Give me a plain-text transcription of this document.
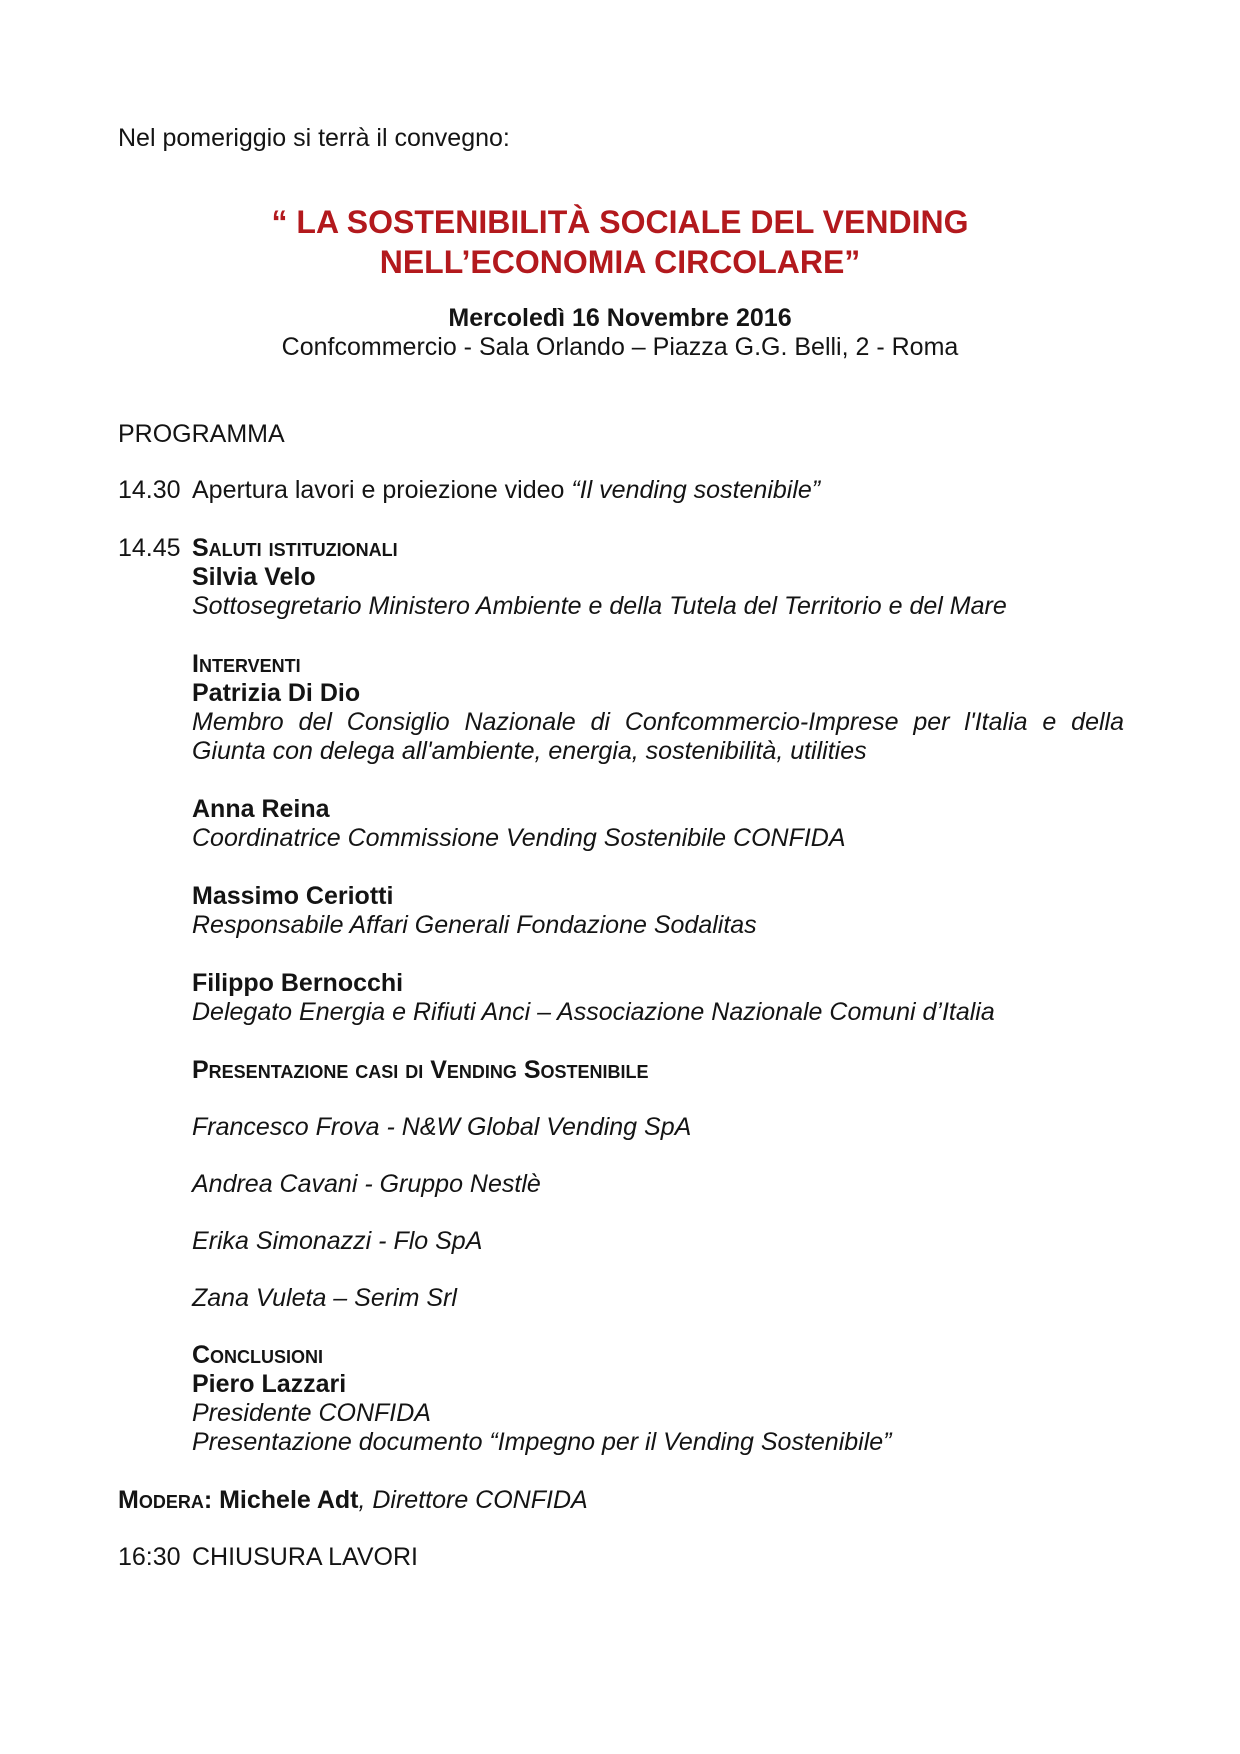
Nel pomeriggio si terrà il convegno:
“ LA SOSTENIBILITÀ SOCIALE DEL VENDING
NELL’ECONOMIA CIRCOLARE”
Mercoledì 16 Novembre 2016
Confcommercio - Sala Orlando – Piazza G.G. Belli, 2 - Roma
PROGRAMMA
14.30 Apertura lavori e proiezione video “Il vending sostenibile”
14.45 Saluti istituzionali
Silvia Velo
Sottosegretario Ministero Ambiente e della Tutela del Territorio e del Mare
Interventi
Patrizia Di Dio
Membro del Consiglio Nazionale di Confcommercio-Imprese per l'Italia e della
Giunta con delega all'ambiente, energia, sostenibilità, utilities
Anna Reina
Coordinatrice Commissione Vending Sostenibile CONFIDA
Massimo Ceriotti
Responsabile Affari Generali Fondazione Sodalitas
Filippo Bernocchi
Delegato Energia e Rifiuti Anci – Associazione Nazionale Comuni d’Italia
Presentazione casi di Vending Sostenibile
Francesco Frova - N&W Global Vending SpA
Andrea Cavani - Gruppo Nestlè
Erika Simonazzi - Flo SpA
Zana Vuleta – Serim Srl
Conclusioni
Piero Lazzari
Presidente CONFIDA
Presentazione documento “Impegno per il Vending Sostenibile”
Modera: Michele Adt, Direttore CONFIDA
16:30 CHIUSURA LAVORI
